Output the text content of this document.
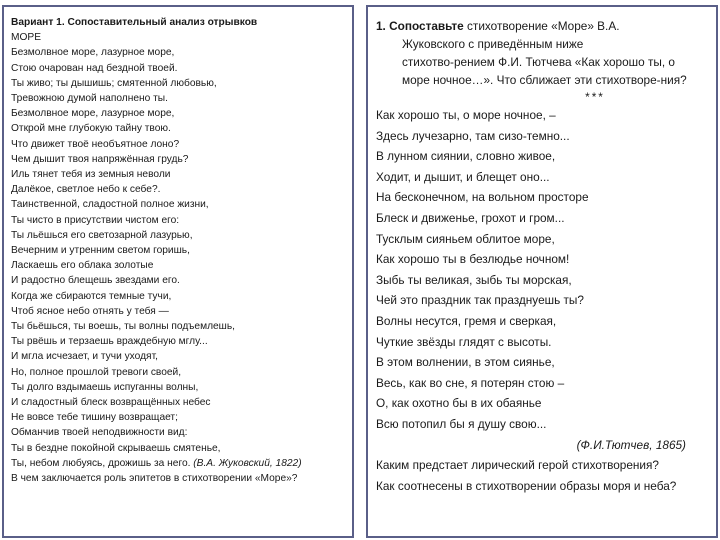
Вариант 1. Сопоставительный анализ отрывков
МОРЕ
Безмолвное море, лазурное море,
Стою очарован над бездной твоей.
Ты живо; ты дышишь; смятенной любовью,
Тревожною думой наполнено ты.
Безмолвное море, лазурное море,
Открой мне глубокую тайну твою.
Что движет твоё необъятное лоно?
Чем дышит твоя напряжённая грудь?
Иль тянет тебя из земныя неволи
Далёкое, светлое небо к себе?.
Таинственной, сладостной полное жизни,
Ты чисто в присутствии чистом его:
Ты льёшься его светозарной лазурью,
Вечерним и утренним светом горишь,
Ласкаешь его облака золотые
И радостно блещешь звездами его.
Когда же сбираются темные тучи,
Чтоб ясное небо отнять у тебя —
Ты бьёшься, ты воешь, ты волны подъемлешь,
Ты рвёшь и терзаешь враждебную мглу...
И мгла исчезает, и тучи уходят,
Но, полное прошлой тревоги своей,
Ты долго вздымаешь испуганны волны,
И сладостный блеск возвращённых небес
Не вовсе тебе тишину возвращает;
Обманчив твоей неподвижности вид:
Ты в бездне покойной скрываешь смятенье,
Ты, небом любуясь, дрожишь за него. (В.А. Жуковский, 1822)
В чем заключается роль эпитетов в стихотворении «Море»?
1. Сопоставьте стихотворение «Море» В.А.
Жуковского с приведённым ниже
стихотво-рением Ф.И. Тютчева «Как хорошо ты, о
море ночное…». Что сближает эти стихотворе-ния?
***
Как хорошо ты, о море ночное, –
Здесь лучезарно, там сизо-темно...
В лунном сиянии, словно живое,
Ходит, и дышит, и блещет оно...
На бесконечном, на вольном просторе
Блеск и движенье, грохот и гром...
Тусклым сияньем облитое море,
Как хорошо ты в безлюдье ночном!
Зыбь ты великая, зыбь ты морская,
Чей это праздник так празднуешь ты?
Волны несутся, гремя и сверкая,
Чуткие звёзды глядят с высоты.
В этом волнении, в этом сиянье,
Весь, как во сне, я потерян стою –
О, как охотно бы в их обаянье
Всю потопил бы я душу свою...
(Ф.И.Тютчев, 1865)
Каким предстает лирический герой стихотворения?
Как соотнесены в стихотворении образы моря и неба?
